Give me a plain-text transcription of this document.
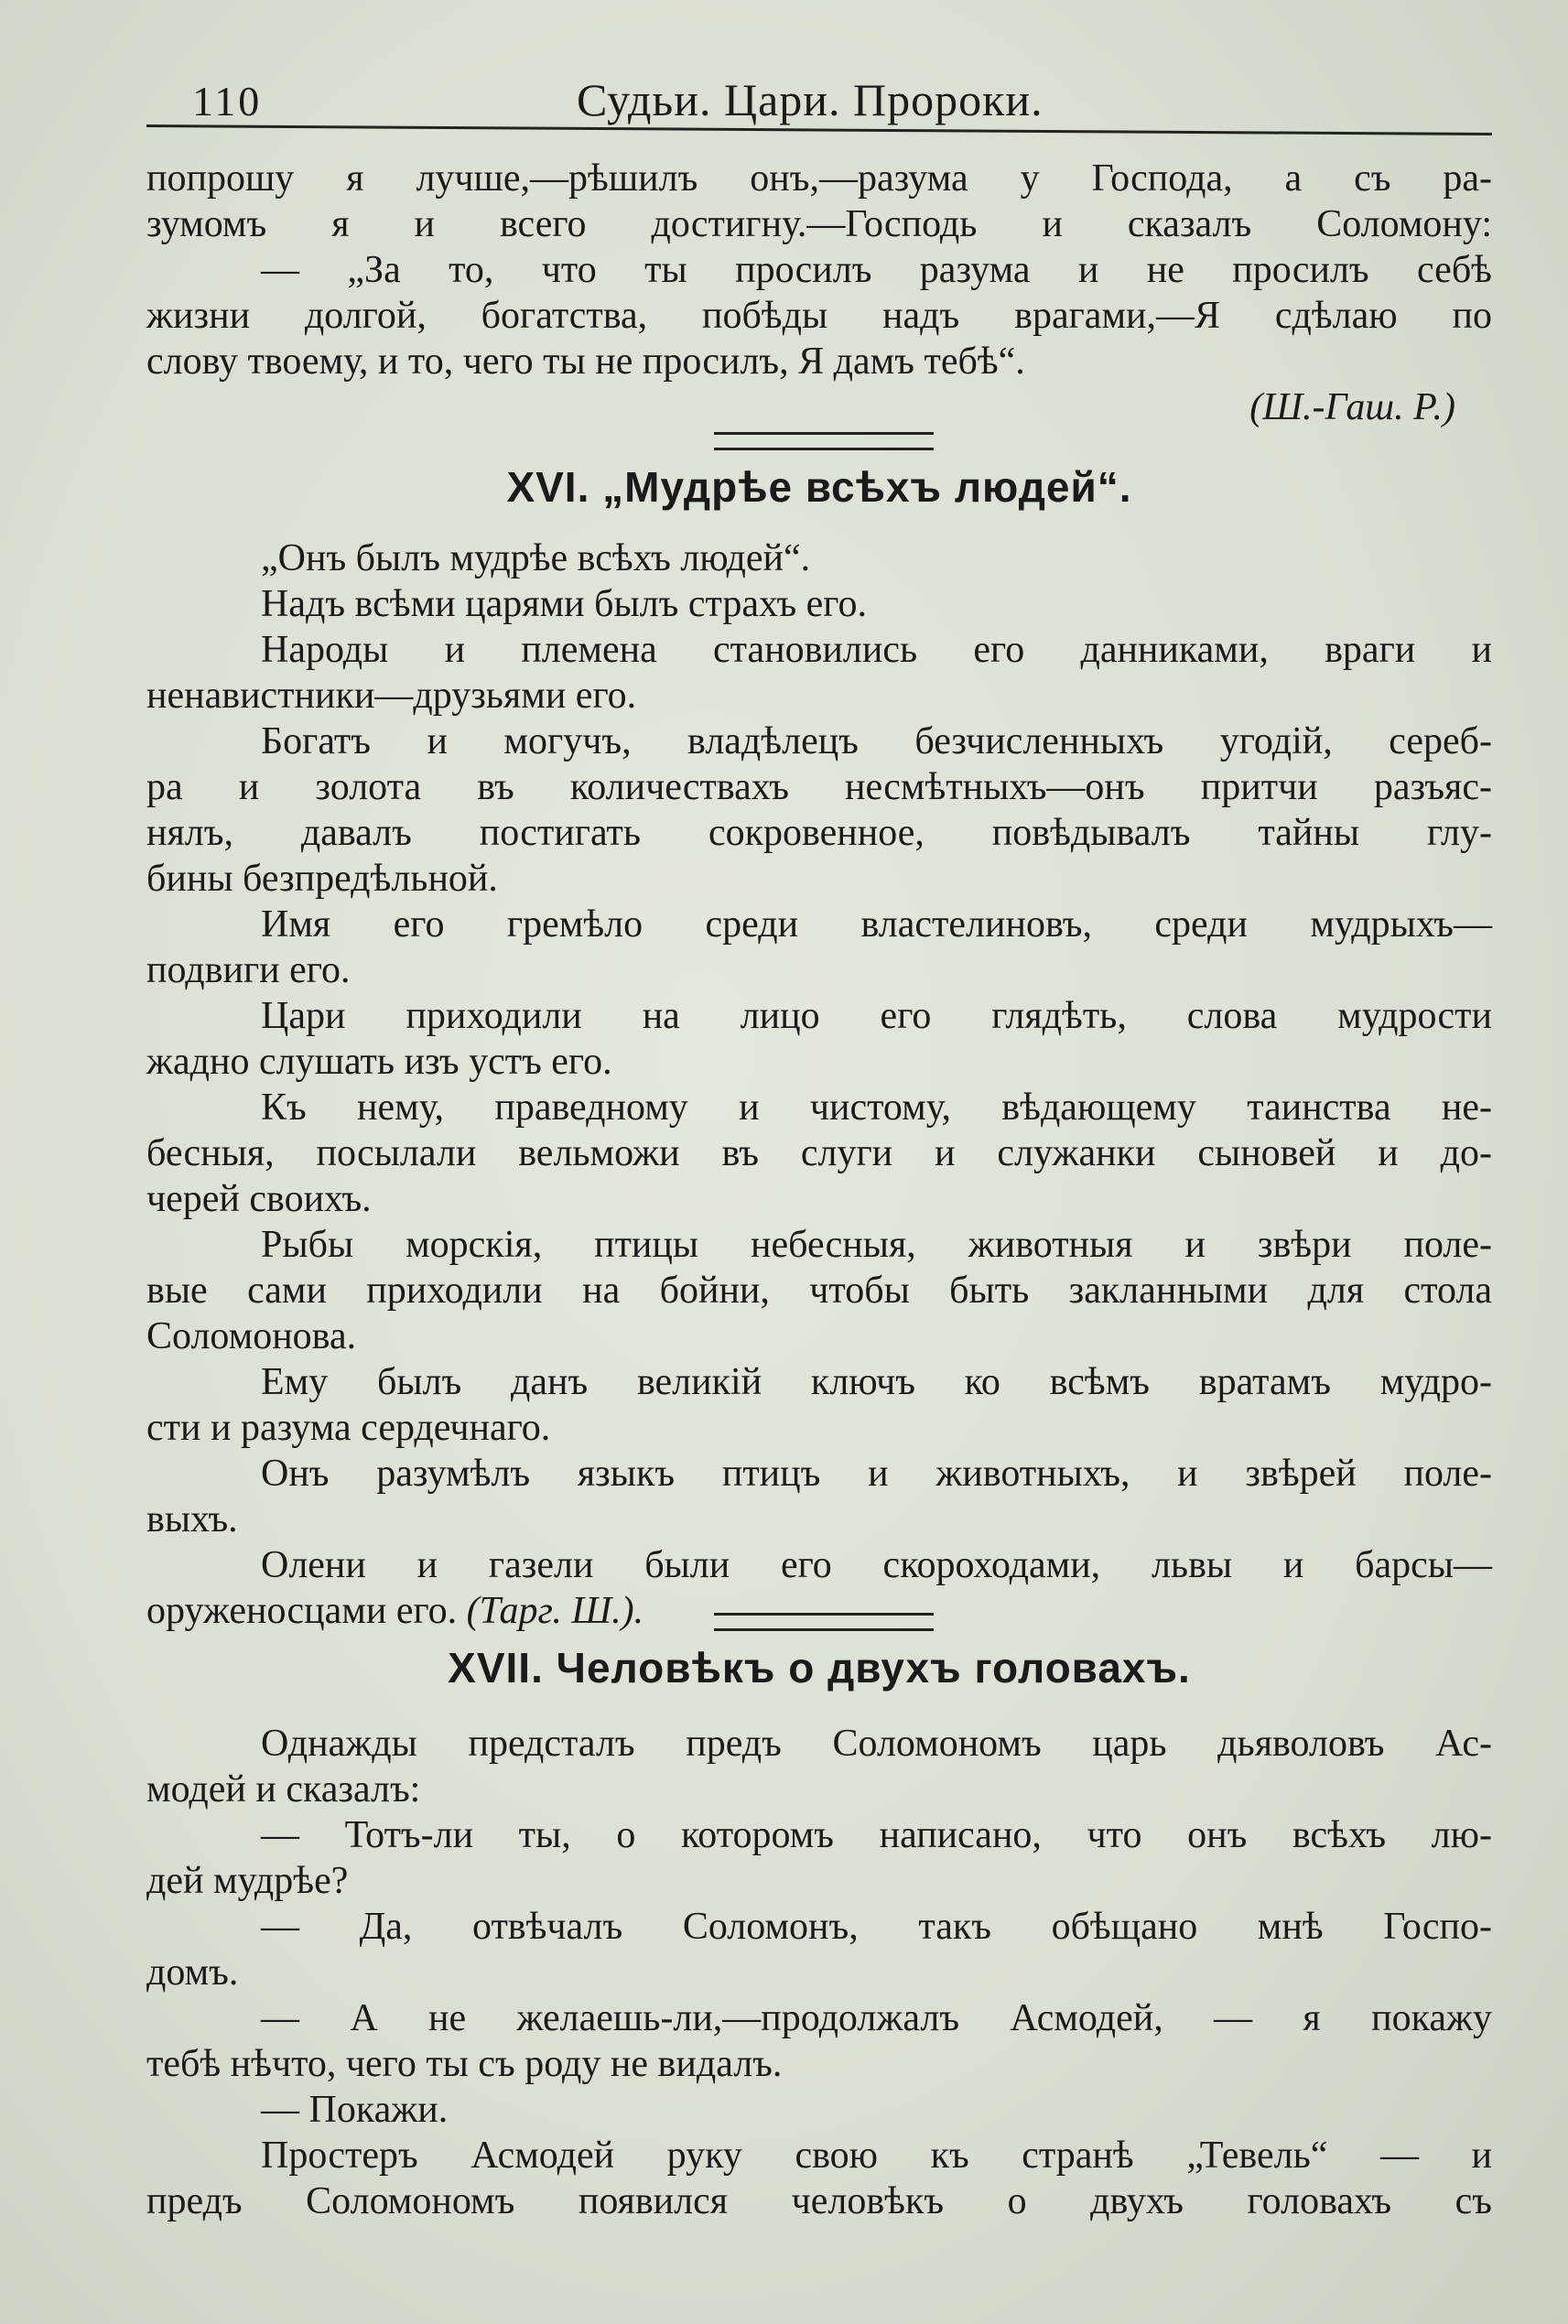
110	Судьи. Цари. Пророки.
попрошу я лучше,—рѣшилъ онъ,—разума у Господа, а съ ра-
зумомъ я и всего достигну.—Господь и сказалъ Соломону:
— „За то, что ты просилъ разума и не просилъ себѣ
жизни долгой, богатства, побѣды надъ врагами,—Я сдѣлаю по
слову твоему, и то, чего ты не просилъ, Я дамъ тебѣ“.
(Ш.-Гаш. Р.)
XVI. „Мудрѣе всѣхъ людей“.
„Онъ былъ мудрѣе всѣхъ людей“.
Надъ всѣми царями былъ страхъ его.
Народы и племена становились его данниками, враги и
ненавистники—друзьями его.
Богатъ и могучъ, владѣлецъ безчисленныхъ угодій, сереб-
ра и золота въ количествахъ несмѣтныхъ—онъ притчи разъяс-
нялъ, давалъ постигать сокровенное, повѣдывалъ тайны глу-
бины безпредѣльной.
Имя его гремѣло среди властелиновъ, среди мудрыхъ—
подвиги его.
Цари приходили на лицо его глядѣть, слова мудрости
жадно слушать изъ устъ его.
Къ нему, праведному и чистому, вѣдающему таинства не-
бесныя, посылали вельможи въ слуги и служанки сыновей и до-
черей своихъ.
Рыбы морскія, птицы небесныя, животныя и звѣри поле-
вые сами приходили на бойни, чтобы быть закланными для стола
Соломонова.
Ему былъ данъ великій ключъ ко всѣмъ вратамъ мудро-
сти и разума сердечнаго.
Онъ разумѣлъ языкъ птицъ и животныхъ, и звѣрей поле-
выхъ.
Олени и газели были его скороходами, львы и барсы—
оруженосцами его. (Тарг. Ш.).
XVII. Человѣкъ о двухъ головахъ.
Однажды предсталъ предъ Соломономъ царь дьяволовъ Ас-
модей и сказалъ:
— Тотъ-ли ты, о которомъ написано, что онъ всѣхъ лю-
дей мудрѣе?
— Да, отвѣчалъ Соломонъ, такъ обѣщано мнѣ Госпо-
домъ.
— А не желаешь-ли,—продолжалъ Асмодей, — я покажу
тебѣ нѣчто, чего ты съ роду не видалъ.
— Покажи.
Простеръ Асмодей руку свою къ странѣ „Тевель“ — и
предъ Соломономъ появился человѣкъ о двухъ головахъ съ
